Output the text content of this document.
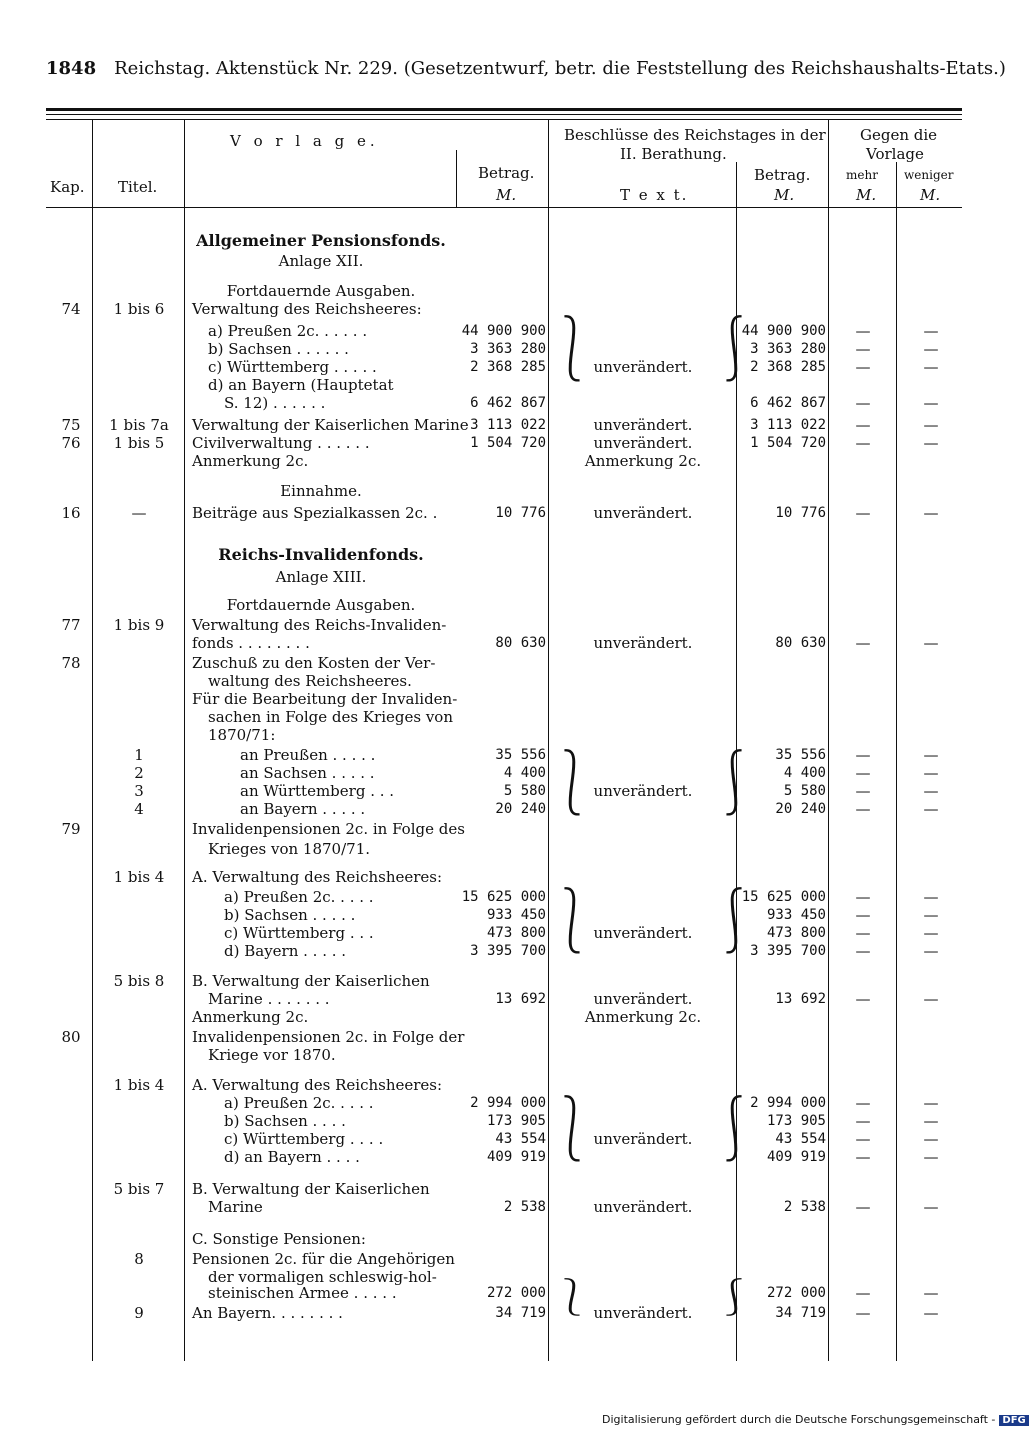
1848 Reichstag. Aktenstück Nr. 229. (Gesetzentwurf, betr. die Feststellung des Reichshaushalts-Etats.)
V o r l a g e.
Kap. Titel.
Betrag.
M.
Beschlüsse des Reichstages in der
II. Berathung.
T e x t.
Betrag.
M.
Gegen die
Vorlage
mehr weniger
M.	M.
Allgemeiner Pensionsfonds.
Anlage XII.
Fortdauernde Ausgaben.
74	1 bis 6	Verwaltung des Reichsheeres:
a) Preußen 2c. . . . . .	44 900 900	44 900 900	—	—
b) Sachsen . . . . . .	3 363 280	3 363 280	—	—
c) Württemberg . . . . .	2 368 285	unverändert.	2 368 285	—	—
d) an Bayern (Hauptetat
S. 12) . . . . . .	6 462 867	6 462 867	—	—
75	1 bis 7a	Verwaltung der Kaiserlichen Marine 3 113 022	unverändert.	3 113 022	—	—
76	1 bis 5	Civilverwaltung . . . . . .	1 504 720	unverändert.	1 504 720	—	—
Anmerkung 2c.	Anmerkung 2c.
Einnahme.
16	—	Beiträge aus Spezialkassen 2c. .	10 776	unverändert.	10 776	—	—
Reichs-Invalidenfonds.
Anlage XIII.
Fortdauernde Ausgaben.
77	1 bis 9	Verwaltung des Reichs-Invaliden-
fonds . . . . . . . .	80 630	unverändert.	80 630	—	—
78	Zuschuß zu den Kosten der Ver-
waltung des Reichsheeres.
Für die Bearbeitung der Invaliden-
sachen in Folge des Krieges von
1870/71:
1	an Preußen . . . . .	35 556	35 556	—	—
2	an Sachsen . . . . .	4 400	4 400	—	—
3	an Württemberg . . .	5 580	unverändert.	5 580	—	—
4	an Bayern . . . . .	20 240	20 240	—	—
79	Invalidenpensionen 2c. in Folge des
Krieges von 1870/71.
1 bis 4	A. Verwaltung des Reichsheeres:
a) Preußen 2c. . . . .	15 625 000	15 625 000	—	—
b) Sachsen . . . . .	933 450	933 450	—	—
c) Württemberg . . .	473 800	unverändert.	473 800	—	—
d) Bayern . . . . .	3 395 700	3 395 700	—	—
5 bis 8	B. Verwaltung der Kaiserlichen
Marine . . . . . . .	13 692	unverändert.	13 692	—	—
Anmerkung 2c.	Anmerkung 2c.
80	Invalidenpensionen 2c. in Folge der
Kriege vor 1870.
1 bis 4	A. Verwaltung des Reichsheeres:
a) Preußen 2c. . . . .	2 994 000	2 994 000	—	—
b) Sachsen . . . .	173 905	173 905	—	—
c) Württemberg . . . .	43 554	unverändert.	43 554	—	—
d) an Bayern . . . .	409 919	409 919	—	—
5 bis 7	B. Verwaltung der Kaiserlichen
Marine	2 538	unverändert.	2 538	—	—
C. Sonstige Pensionen:
8	Pensionen 2c. für die Angehörigen
der vormaligen schleswig-hol-
steinischen Armee . . . . .	272 000	272 000	—	—
9	An Bayern. . . . . . . .	34 719	unverändert.	34 719	—	—
⎱	⎰
⎱	⎰
⎱	⎰
⎱	⎰
⎱	⎰
Digitalisierung gefördert durch die Deutsche Forschungsgemeinschaft - DFG
